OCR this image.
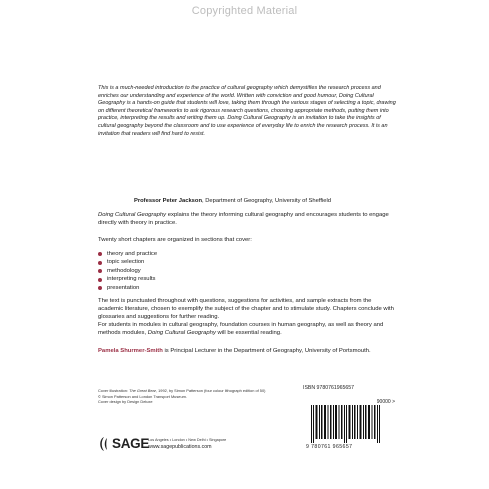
Copyrighted Material
This is a much-needed introduction to the practice of cultural geography which demystifies the research process and enriches our understanding and experience of the world. Written with conviction and good humour, Doing Cultural Geography is a hands-on guide that students will love, taking them through the various stages of selecting a topic, drawing on different theoretical frameworks to ask rigorous research questions, choosing appropriate methods, putting them into practice, interpreting the results and writing them up. Doing Cultural Geography is an invitation to take the insights of cultural geography beyond the classroom and to use experience of everyday life to enrich the research process. It is an invitation that readers will find hard to resist.
Professor Peter Jackson, Department of Geography, University of Sheffield
Doing Cultural Geography explains the theory informing cultural geography and encourages students to engage directly with theory in practice.
Twenty short chapters are organized in sections that cover:
theory and practice
topic selection
methodology
interpreting results
presentation
The text is punctuated throughout with questions, suggestions for activities, and sample extracts from the academic literature, chosen to exemplify the subject of the chapter and to stimulate study. Chapters conclude with glossaries and suggestions for further reading.
For students in modules in cultural geography, foundation courses in human geography, as well as theory and methods modules, Doing Cultural Geography will be essential reading.
Pamela Shurmer-Smith is Principal Lecturer in the Department of Geography, University of Portsmouth.
Cover illustration: The Great Bear, 1992, by Simon Patterson (four colour lithograph edition of 50)
© Simon Patterson and London Transport Museum.
Cover design by Design Deluxe
ISBN 9780761965657
90000 >
9 780761 965657
SAGE
Los Angeles • London • New Delhi • Singapore
www.sagepublications.com
